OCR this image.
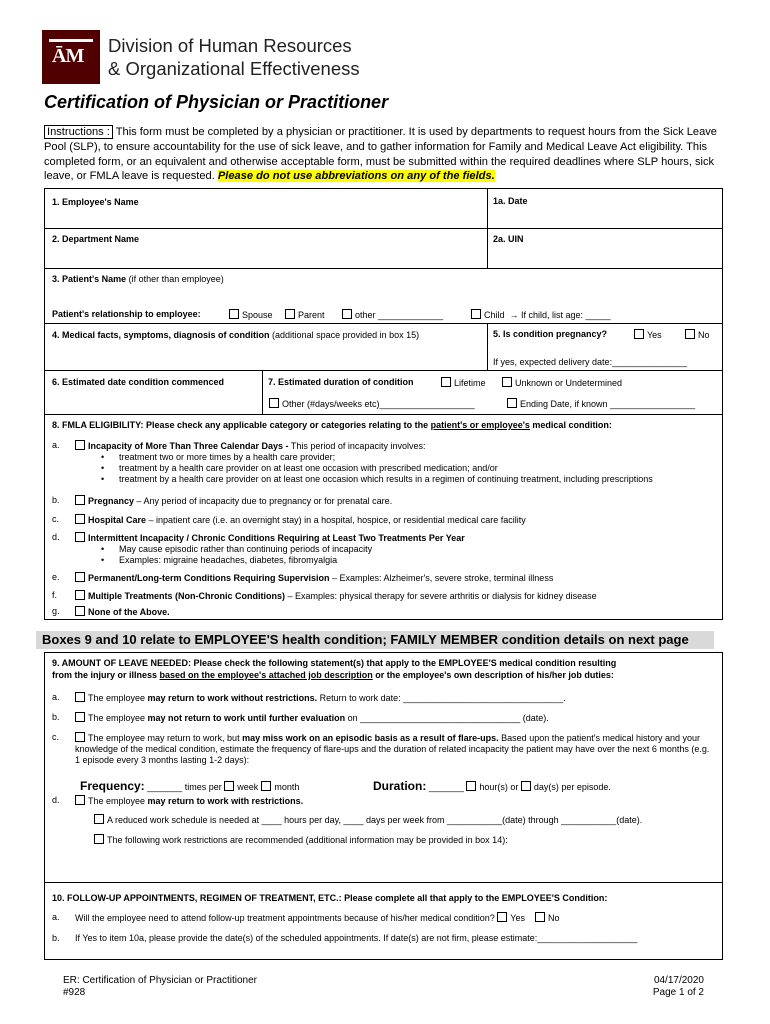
ĀM Division of Human Resources
& Organizational Effectiveness
Certification of Physician or Practitioner
Instructions : This form must be completed by a physician or practitioner. It is used by departments to request hours from the Sick Leave Pool (SLP), to ensure accountability for the use of sick leave, and to gather information for Family and Medical Leave Act eligibility. This completed form, or an equivalent and otherwise acceptable form, must be submitted within the required deadlines where SLP hours, sick leave, or FMLA leave is requested. Please do not use abbreviations on any of the fields.
1. Employee's Name	1a. Date
2. Department Name	2a. UIN
3. Patient's Name (if other than employee)
Patient's relationship to employee:	Spouse	Parent	other _____________	Child → If child, list age: _____
4. Medical facts, symptoms, diagnosis of condition (additional space provided in box 15)	5. Is condition pregnancy?	Yes	No
If yes, expected delivery date:_______________
6. Estimated date condition commenced	7. Estimated duration of condition	Lifetime	Unknown or Undetermined
Other (#days/weeks etc)___________________	Ending Date, if known _________________
8. FMLA ELIGIBILITY: Please check any applicable category or categories relating to the patient's or employee's medical condition:
a.	Incapacity of More Than Three Calendar Days - This period of incapacity involves:
• treatment two or more times by a health care provider;
• treatment by a health care provider on at least one occasion with prescribed medication; and/or
• treatment by a health care provider on at least one occasion which results in a regimen of continuing treatment, including prescriptions
b.	Pregnancy – Any period of incapacity due to pregnancy or for prenatal care.
c.	Hospital Care – inpatient care (i.e. an overnight stay) in a hospital, hospice, or residential medical care facility
d.	Intermittent Incapacity / Chronic Conditions Requiring at Least Two Treatments Per Year
• May cause episodic rather than continuing periods of incapacity
• Examples: migraine headaches, diabetes, fibromyalgia
e.	Permanent/Long-term Conditions Requiring Supervision – Examples: Alzheimer's, severe stroke, terminal illness
f.	Multiple Treatments (Non-Chronic Conditions) – Examples: physical therapy for severe arthritis or dialysis for kidney disease
g.	None of the Above.
Boxes 9 and 10 relate to EMPLOYEE'S health condition; FAMILY MEMBER condition details on next page
9. AMOUNT OF LEAVE NEEDED: Please check the following statement(s) that apply to the EMPLOYEE'S medical condition resulting
from the injury or illness based on the employee's attached job description or the employee's own description of his/her job duties:
a.	The employee may return to work without restrictions. Return to work date: ________________________________.
b.	The employee may not return to work until further evaluation on ________________________________ (date).
c.	The employee may return to work, but may miss work on an episodic basis as a result of flare-ups. Based upon the patient's medical history and your knowledge of the medical condition, estimate the frequency of flare-ups and the duration of related incapacity the patient may have over the next 6 months (e.g. 1 episode every 3 months lasting 1-2 days):
Frequency: _______ times per week month	Duration: _______ hour(s) or day(s) per episode.
d.	The employee may return to work with restrictions.
A reduced work schedule is needed at ____ hours per day, ____ days per week from ___________(date) through ___________(date).
The following work restrictions are recommended (additional information may be provided in box 14):
10. FOLLOW-UP APPOINTMENTS, REGIMEN OF TREATMENT, ETC.: Please complete all that apply to the EMPLOYEE'S Condition:
a. Will the employee need to attend follow-up treatment appointments because of his/her medical condition? Yes	No
b. If Yes to item 10a, please provide the date(s) of the scheduled appointments. If date(s) are not firm, please estimate:____________________
ER: Certification of Physician or Practitioner
#928
04/17/2020
Page 1 of 2
